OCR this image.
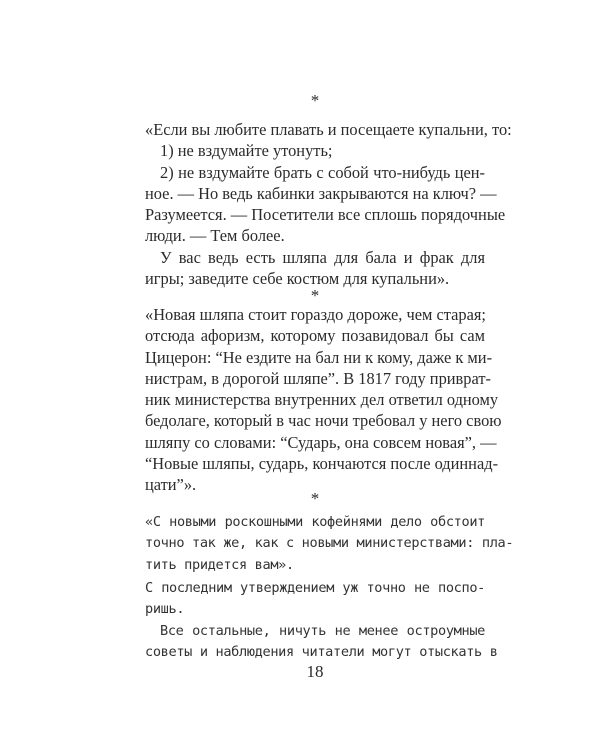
*
«Если вы любите плавать и посещаете купальни, то:
1) не вздумайте утонуть;
2) не вздумайте брать с собой что-нибудь цен-
ное. — Но ведь кабинки закрываются на ключ? —
Разумеется. — Посетители все сплошь порядочные
люди. — Тем более.
У вас ведь есть шляпа для бала и фрак для
игры; заведите себе костюм для купальни».
*
«Новая шляпа стоит гораздо дороже, чем старая;
отсюда афоризм, которому позавидовал бы сам
Цицерон: “Не ездите на бал ни к кому, даже к ми-
нистрам, в дорогой шляпе”. В 1817 году приврат-
ник министерства внутренних дел ответил одному
бедолаге, который в час ночи требовал у него свою
шляпу со словами: “Сударь, она совсем новая”, —
“Новые шляпы, сударь, кончаются после одиннад-
цати”».
*
«С новыми роскошными кофейнями дело обстоит
точно так же, как с новыми министерствами: пла-
тить придется вам».
С последним утверждением уж точно не поспо-
ришь.
Все остальные, ничуть не менее остроумные
советы и наблюдения читатели могут отыскать в
18
